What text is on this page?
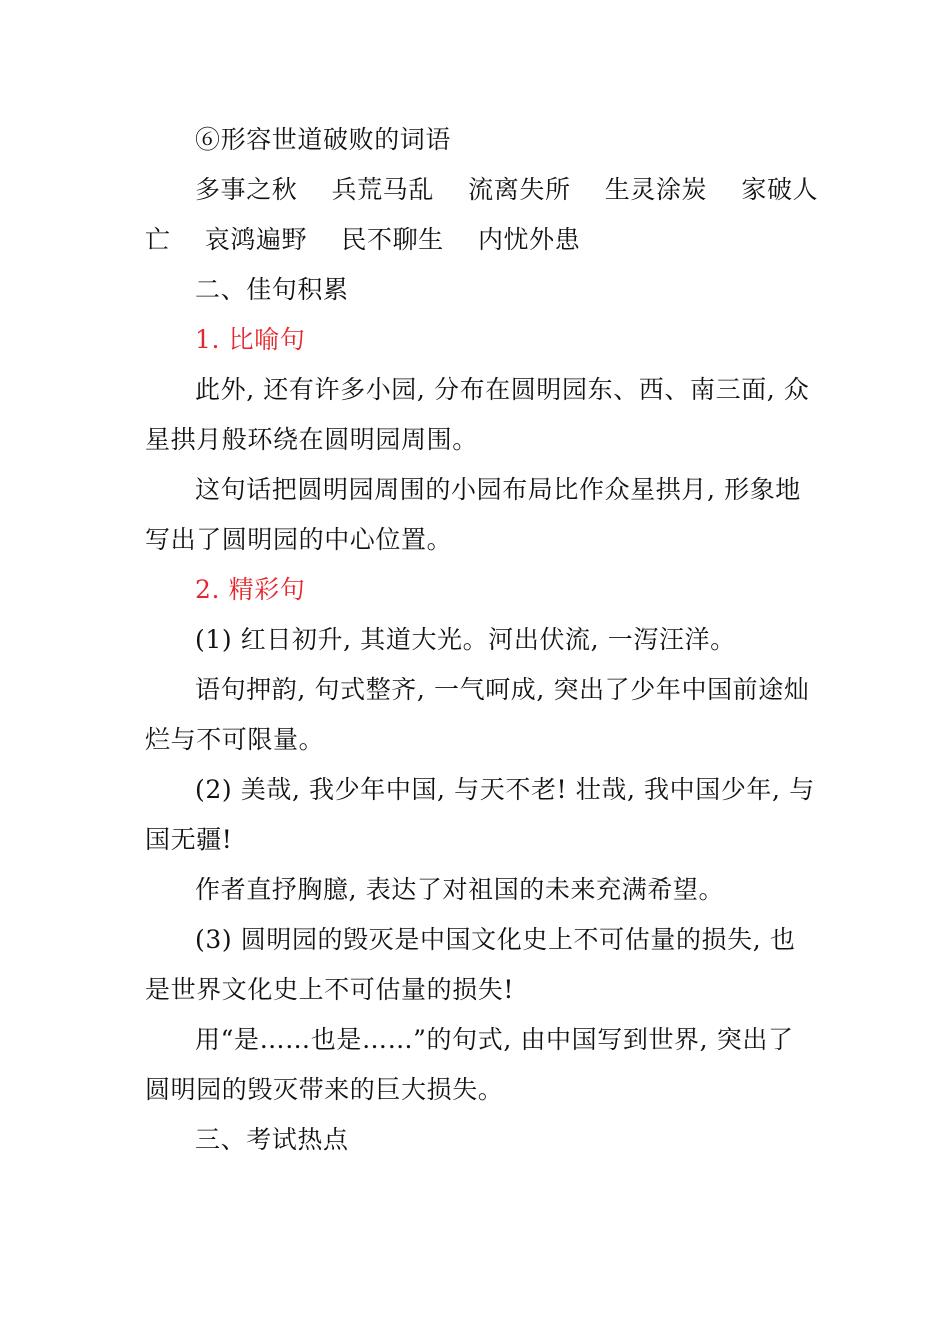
⑥形容世道破败的词语
多事之秋    兵荒马乱    流离失所    生灵涂炭    家破人
亡    哀鸿遍野    民不聊生    内忧外患
二、佳句积累
1. 比喻句
此外, 还有许多小园, 分布在圆明园东、西、南三面, 众
星拱月般环绕在圆明园周围。
这句话把圆明园周围的小园布局比作众星拱月, 形象地
写出了圆明园的中心位置。
2. 精彩句
(1) 红日初升, 其道大光。河出伏流, 一泻汪洋。
语句押韵, 句式整齐, 一气呵成, 突出了少年中国前途灿
烂与不可限量。
(2) 美哉, 我少年中国, 与天不老! 壮哉, 我中国少年, 与
国无疆!
作者直抒胸臆, 表达了对祖国的未来充满希望。
(3) 圆明园的毁灭是中国文化史上不可估量的损失, 也
是世界文化史上不可估量的损失!
用“是……也是……”的句式, 由中国写到世界, 突出了
圆明园的毁灭带来的巨大损失。
三、考试热点
